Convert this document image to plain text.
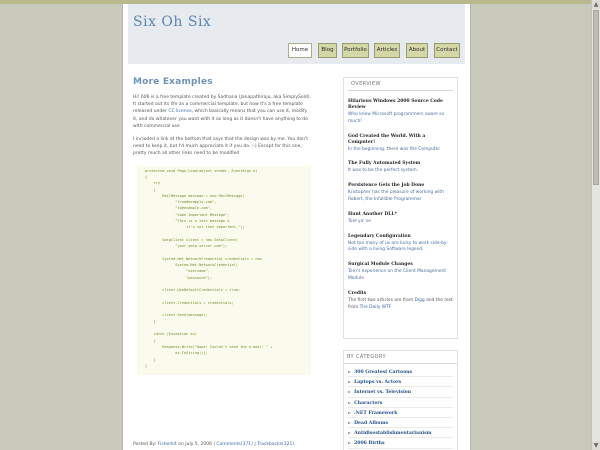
Six Oh Six
Home	Blog	Portfolio	Articles	About	Contact
More Examples
Hi! 606 is a free template created by Sadhana (Janapathiraju, aka SimplySold). It started out its life as a commercial template, but now it's a free template released under CC license, which basically means that you can use it, modify it, and do whatever you want with it as long as it doesn't have anything to do with commercial use
I included a link at the bottom that says that the design was by me. You don't need to keep it, but I'd much appreciate it if you do. :-) Except for this one, pretty much all other links need to be modified
protected void Page_Load(object sender, EventArgs e)
{
try
{
MailMessage message = new MailMessage(
"from@example.com",
"to@example.com",
"Some Important Message",
"This is a test message &
it's not that important.");

SmtpClient client = new SmtpClient(
"your.smtp.server.com");

System.Net.NetworkCredential credentials = new
System.Net.NetworkCredential(
"username",
"password");

client.UseDefaultCredentials = true;

client.Credentials = credentials;

client.Send(message);
}

catch (Exception ex)
{
Response.Write("Oops! Couldn't send the e-mail: " +
ex.ToString());
}
}
Posted By: Fisherkit on July 5, 2006 | Comments(371) | Trackbacks(321)
OVERVIEW
Hilarious Windows 2000 Source Code Review
Who knew Microsoft programmers swore so much!
God Created the World. With a Computer!
In the beginning, there was the Computer
The Fully Automated System
It was to be the perfect system.
Persistence Gets the Job Done
Kristopher has the pleasure of working with Robert, the Infallible Programmer
Hunt Another DLL*
Told ya' so
Legendary Configuration
Not too many of us are lucky to work side-by-side with a living Software legend.
Surgical Module Changes
Tom's experience on the Client Management Module
Credits
The first two articles are from Digg and the rest from The Daily WTF
BY CATEGORY
► 300 Greatest Cartoons
► Laptops vs. Actors
► Internet vs. Television
► Characters
► .NET Framework
► Dead Albums
► Antidisestablishmentarianism
► 2006 Births
▲
▼
